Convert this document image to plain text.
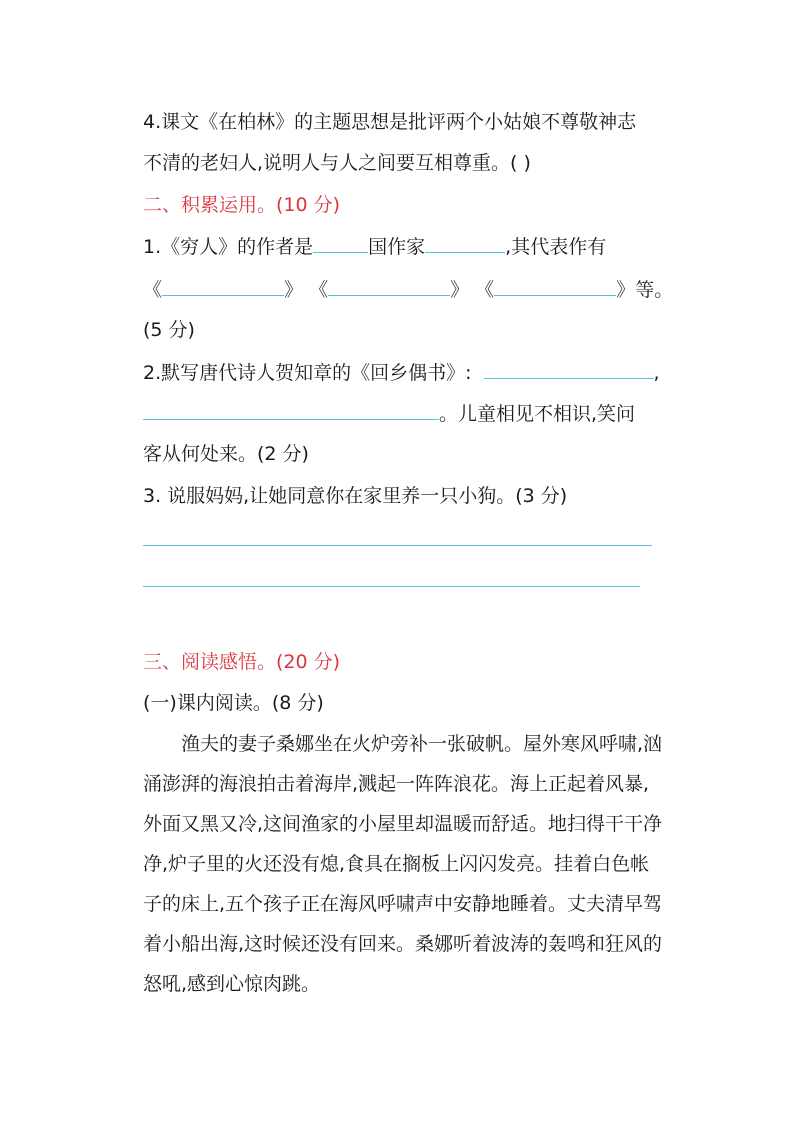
4.课文《在柏林》的主题思想是批评两个小姑娘不尊敬神志
不清的老妇人,说明人与人之间要互相尊重。( )
二、积累运用。(10 分)
1.《穷人》的作者是	国作家	,其代表作有
《	》 《	》 《	》等。
(5 分)
2.默写唐代诗人贺知章的《回乡偶书》:	,
。儿童相见不相识,笑问
客从何处来。(2 分)
3. 说服妈妈,让她同意你在家里养一只小狗。(3 分)
三、阅读感悟。(20 分)
(一)课内阅读。(8 分)
渔夫的妻子桑娜坐在火炉旁补一张破帆。屋外寒风呼啸,汹涌澎湃的海浪拍击着海岸,溅起一阵阵浪花。海上正起着风暴,外面又黑又冷,这间渔家的小屋里却温暖而舒适。地扫得干干净净,炉子里的火还没有熄,食具在搁板上闪闪发亮。挂着白色帐子的床上,五个孩子正在海风呼啸声中安静地睡着。丈夫清早驾着小船出海,这时候还没有回来。桑娜听着波涛的轰鸣和狂风的怒吼,感到心惊肉跳。
